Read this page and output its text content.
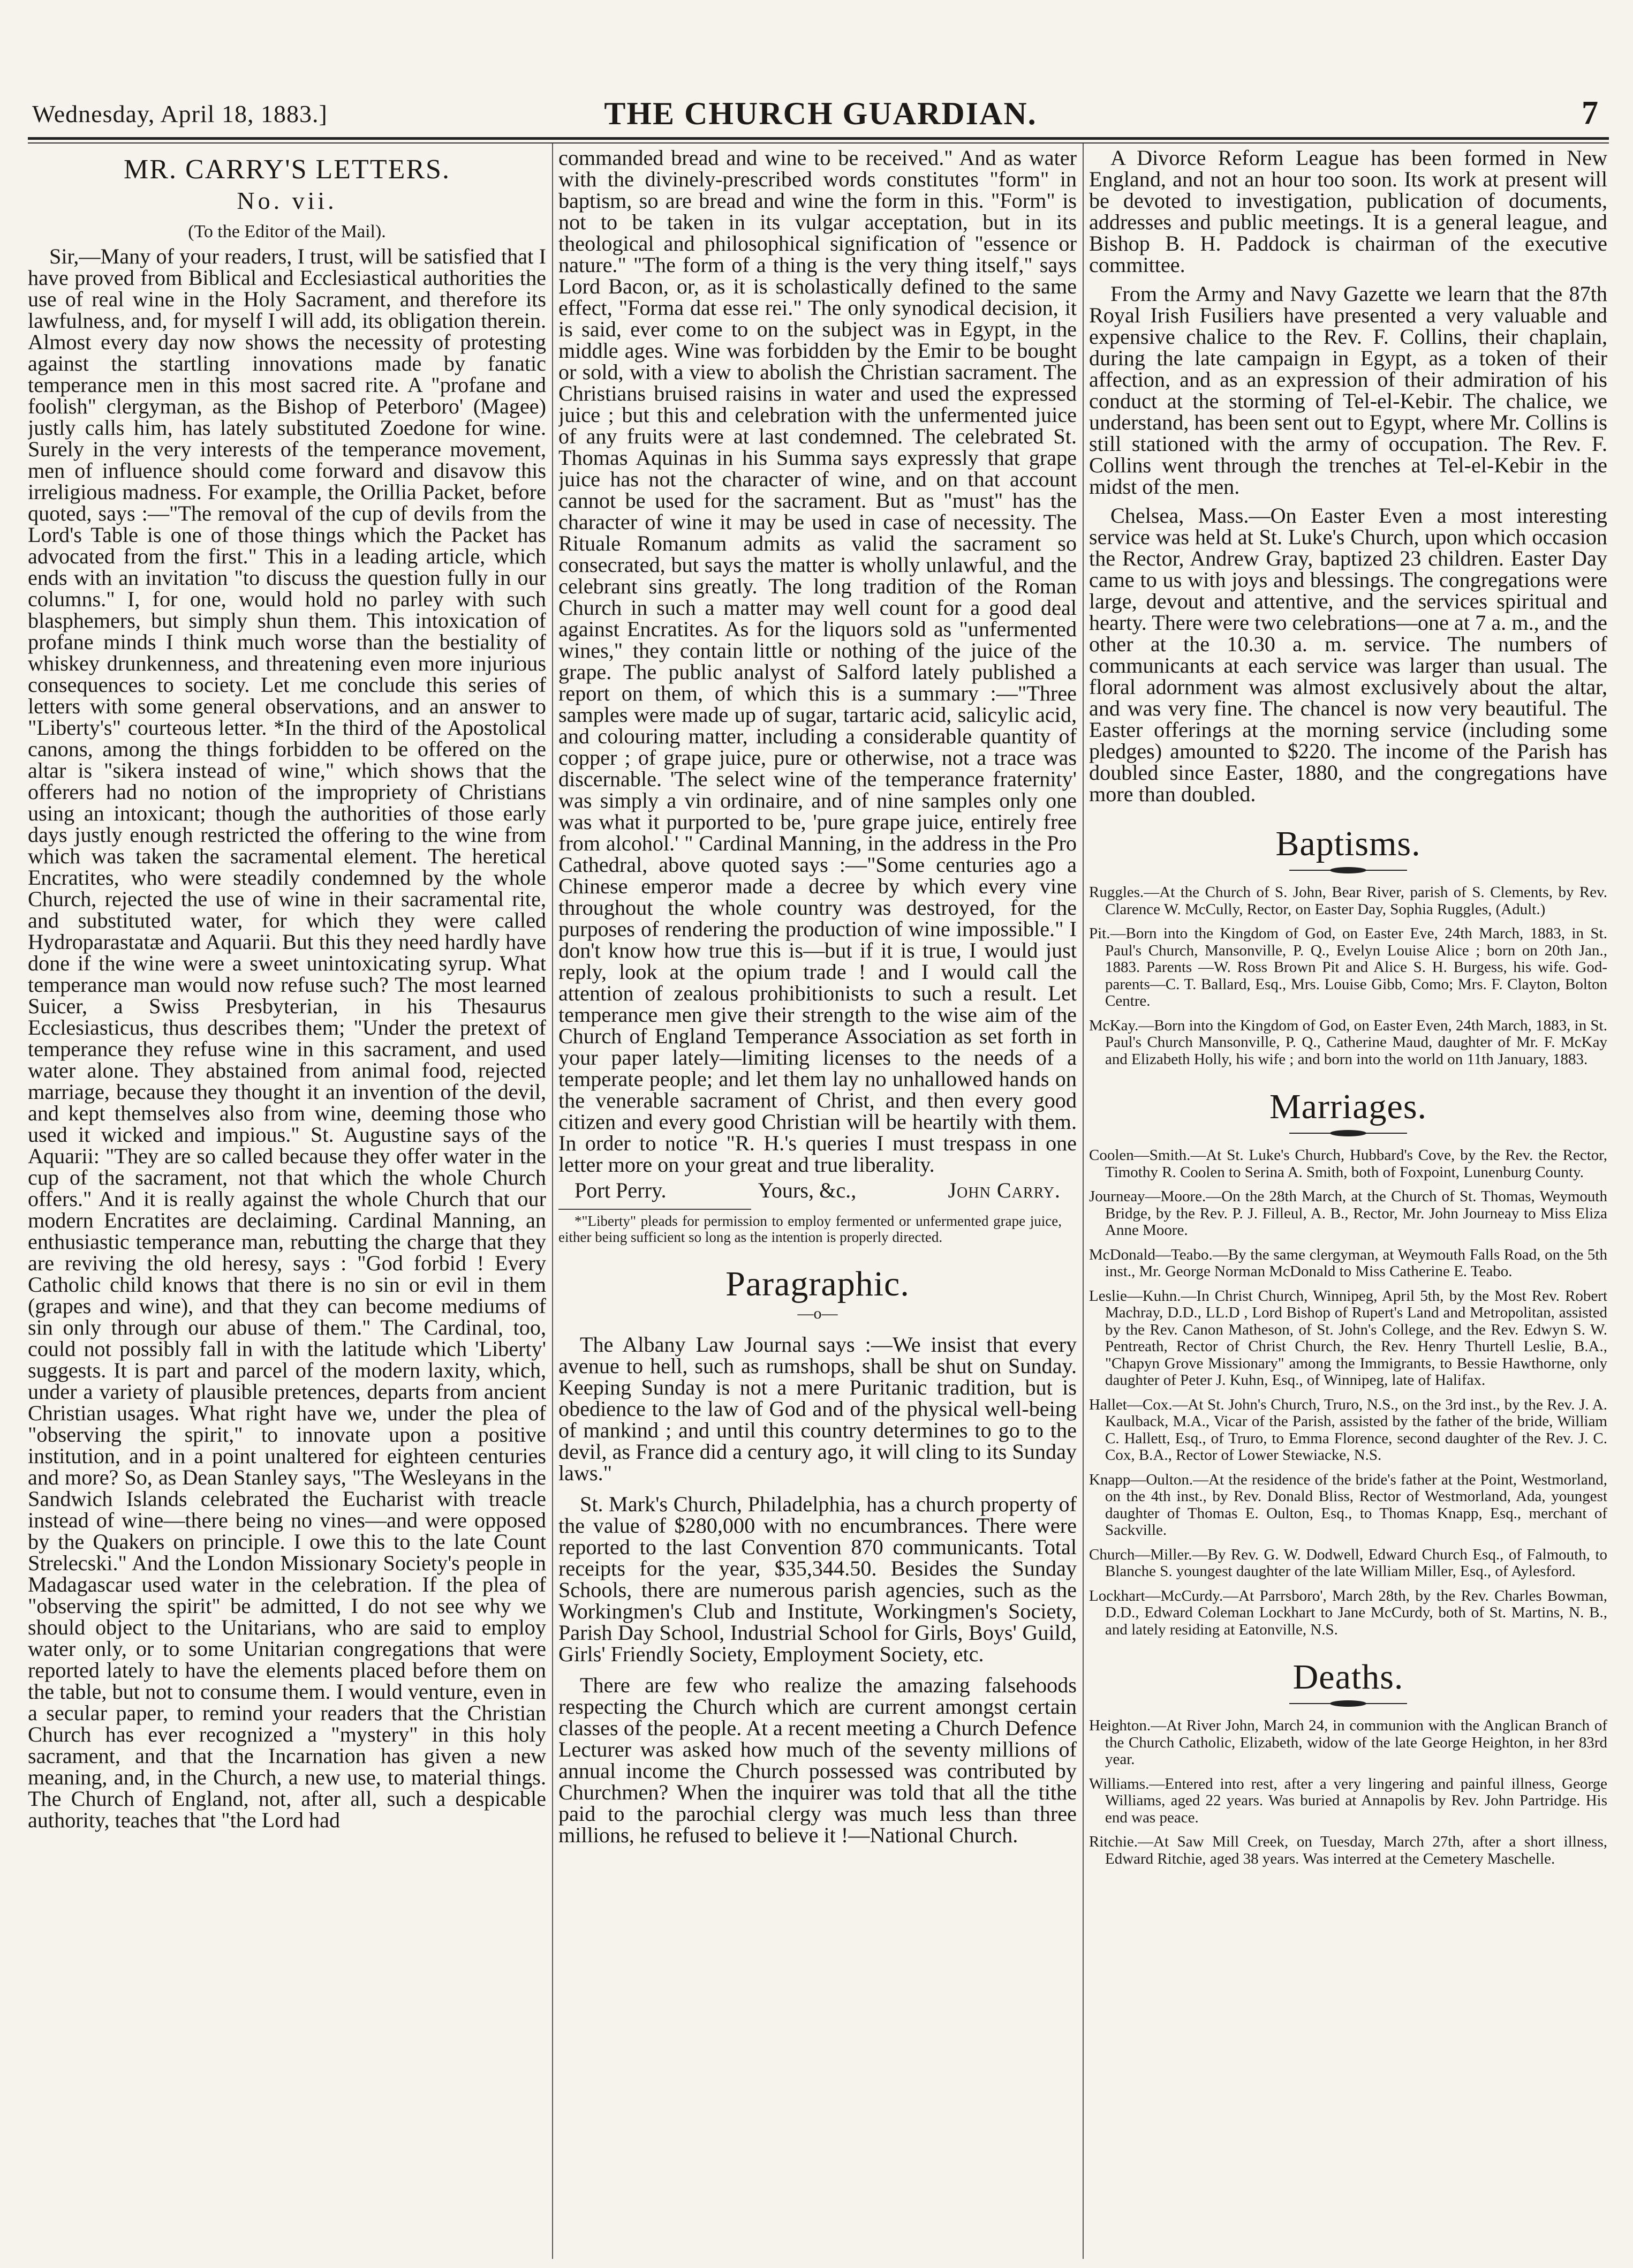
Wednesday, April 18, 1883.]	THE CHURCH GUARDIAN.	7
MR. CARRY'S LETTERS.
No. vii.
(To the Editor of the Mail).

Sir,—Many of your readers, I trust, will be satisfied that I have proved from Biblical and Ecclesiastical authorities the use of real wine in the Holy Sacrament, and therefore its lawfulness, and, for myself I will add, its obligation therein. Almost every day now shows the necessity of protesting against the startling innovations made by fanatic temperance men in this most sacred rite. A "profane and foolish" clergyman, as the Bishop of Peterboro' (Magee) justly calls him, has lately substituted Zoedone for wine. Surely in the very interests of the temperance movement, men of influence should come forward and disavow this irreligious madness. For example, the Orillia Packet, before quoted, says :—"The removal of the cup of devils from the Lord's Table is one of those things which the Packet has advocated from the first." This in a leading article, which ends with an invitation "to discuss the question fully in our columns." I, for one, would hold no parley with such blasphemers, but simply shun them. This intoxication of profane minds I think much worse than the bestiality of whiskey drunkenness, and threatening even more injurious consequences to society. Let me conclude this series of letters with some general observations, and an answer to "Liberty's" courteous letter. *In the third of the Apostolical canons, among the things forbidden to be offered on the altar is "sikera instead of wine," which shows that the offerers had no notion of the impropriety of Christians using an intoxicant; though the authorities of those early days justly enough restricted the offering to the wine from which was taken the sacramental element. The heretical Encratites, who were steadily condemned by the whole Church, rejected the use of wine in their sacramental rite, and substituted water, for which they were called Hydroparastatæ and Aquarii. But this they need hardly have done if the wine were a sweet unintoxicating syrup. What temperance man would now refuse such? The most learned Suicer, a Swiss Presbyterian, in his Thesaurus Ecclesiasticus, thus describes them; "Under the pretext of temperance they refuse wine in this sacrament, and used water alone. They abstained from animal food, rejected marriage, because they thought it an invention of the devil, and kept themselves also from wine, deeming those who used it wicked and impious." St. Augustine says of the Aquarii: "They are so called because they offer water in the cup of the sacrament, not that which the whole Church offers." And it is really against the whole Church that our modern Encratites are declaiming. Cardinal Manning, an enthusiastic temperance man, rebutting the charge that they are reviving the old heresy, says : "God forbid ! Every Catholic child knows that there is no sin or evil in them (grapes and wine), and that they can become mediums of sin only through our abuse of them." The Cardinal, too, could not possibly fall in with the latitude which 'Liberty' suggests. It is part and parcel of the modern laxity, which, under a variety of plausible pretences, departs from ancient Christian usages. What right have we, under the plea of "observing the spirit," to innovate upon a positive institution, and in a point unaltered for eighteen centuries and more? So, as Dean Stanley says, "The Wesleyans in the Sandwich Islands celebrated the Eucharist with treacle instead of wine—there being no vines—and were opposed by the Quakers on principle. I owe this to the late Count Strelecski." And the London Missionary Society's people in Madagascar used water in the celebration. If the plea of "observing the spirit" be admitted, I do not see why we should object to the Unitarians, who are said to employ water only, or to some Unitarian congregations that were reported lately to have the elements placed before them on the table, but not to consume them. I would venture, even in a secular paper, to remind your readers that the Christian Church has ever recognized a "mystery" in this holy sacrament, and that the Incarnation has given a new meaning, and, in the Church, a new use, to material things. The Church of England, not, after all, such a despicable authority, teaches that "the Lord had

commanded bread and wine to be received." And as water with the divinely-prescribed words constitutes "form" in baptism, so are bread and wine the form in this. "Form" is not to be taken in its vulgar acceptation, but in its theological and philosophical signification of "essence or nature." "The form of a thing is the very thing itself," says Lord Bacon, or, as it is scholastically defined to the same effect, "Forma dat esse rei." The only synodical decision, it is said, ever come to on the subject was in Egypt, in the middle ages. Wine was forbidden by the Emir to be bought or sold, with a view to abolish the Christian sacrament. The Christians bruised raisins in water and used the expressed juice ; but this and celebration with the unfermented juice of any fruits were at last condemned. The celebrated St. Thomas Aquinas in his Summa says expressly that grape juice has not the character of wine, and on that account cannot be used for the sacrament. But as "must" has the character of wine it may be used in case of necessity. The Rituale Romanum admits as valid the sacrament so consecrated, but says the matter is wholly unlawful, and the celebrant sins greatly. The long tradition of the Roman Church in such a matter may well count for a good deal against Encratites. As for the liquors sold as "unfermented wines," they contain little or nothing of the juice of the grape. The public analyst of Salford lately published a report on them, of which this is a summary :—"Three samples were made up of sugar, tartaric acid, salicylic acid, and colouring matter, including a considerable quantity of copper ; of grape juice, pure or otherwise, not a trace was discernable. 'The select wine of the temperance fraternity' was simply a vin ordinaire, and of nine samples only one was what it purported to be, 'pure grape juice, entirely free from alcohol.' " Cardinal Manning, in the address in the Pro Cathedral, above quoted says :—"Some centuries ago a Chinese emperor made a decree by which every vine throughout the whole country was destroyed, for the purposes of rendering the production of wine impossible." I don't know how true this is—but if it is true, I would just reply, look at the opium trade ! and I would call the attention of zealous prohibitionists to such a result. Let temperance men give their strength to the wise aim of the Church of England Temperance Association as set forth in your paper lately—limiting licenses to the needs of a temperate people; and let them lay no unhallowed hands on the venerable sacrament of Christ, and then every good citizen and every good Christian will be heartily with them. In order to notice "R. H.'s queries I must trespass in one letter more on your great and true liberality.

Port Perry.	Yours, &c.,	John Carry.

*"Liberty" pleads for permission to employ fermented or unfermented grape juice, either being sufficient so long as the intention is properly directed.

Paragraphic.
—o—

The Albany Law Journal says :—We insist that every avenue to hell, such as rumshops, shall be shut on Sunday. Keeping Sunday is not a mere Puritanic tradition, but is obedience to the law of God and of the physical well-being of mankind ; and until this country determines to go to the devil, as France did a century ago, it will cling to its Sunday laws."

St. Mark's Church, Philadelphia, has a church property of the value of $280,000 with no encumbrances. There were reported to the last Convention 870 communicants. Total receipts for the year, $35,344.50. Besides the Sunday Schools, there are numerous parish agencies, such as the Workingmen's Club and Institute, Workingmen's Society, Parish Day School, Industrial School for Girls, Boys' Guild, Girls' Friendly Society, Employment Society, etc.

There are few who realize the amazing falsehoods respecting the Church which are current amongst certain classes of the people. At a recent meeting a Church Defence Lecturer was asked how much of the seventy millions of annual income the Church possessed was contributed by Churchmen? When the inquirer was told that all the tithe paid to the parochial clergy was much less than three millions, he refused to believe it !—National Church.

A Divorce Reform League has been formed in New England, and not an hour too soon. Its work at present will be devoted to investigation, publication of documents, addresses and public meetings. It is a general league, and Bishop B. H. Paddock is chairman of the executive committee.

From the Army and Navy Gazette we learn that the 87th Royal Irish Fusiliers have presented a very valuable and expensive chalice to the Rev. F. Collins, their chaplain, during the late campaign in Egypt, as a token of their affection, and as an expression of their admiration of his conduct at the storming of Tel-el-Kebir. The chalice, we understand, has been sent out to Egypt, where Mr. Collins is still stationed with the army of occupation. The Rev. F. Collins went through the trenches at Tel-el-Kebir in the midst of the men.

Chelsea, Mass.—On Easter Even a most interesting service was held at St. Luke's Church, upon which occasion the Rector, Andrew Gray, baptized 23 children. Easter Day came to us with joys and blessings. The congregations were large, devout and attentive, and the services spiritual and hearty. There were two celebrations—one at 7 a. m., and the other at the 10.30 a. m. service. The numbers of communicants at each service was larger than usual. The floral adornment was almost exclusively about the altar, and was very fine. The chancel is now very beautiful. The Easter offerings at the morning service (including some pledges) amounted to $220. The income of the Parish has doubled since Easter, 1880, and the congregations have more than doubled.

Baptisms.
Ruggles.—At the Church of S. John, Bear River, parish of S. Clements, by Rev. Clarence W. McCully, Rector, on Easter Day, Sophia Ruggles, (Adult.)
Pit.—Born into the Kingdom of God, on Easter Eve, 24th March, 1883, in St. Paul's Church, Mansonville, P. Q., Evelyn Louise Alice ; born on 20th Jan., 1883. Parents —W. Ross Brown Pit and Alice S. H. Burgess, his wife. God-parents—C. T. Ballard, Esq., Mrs. Louise Gibb, Como; Mrs. F. Clayton, Bolton Centre.
McKay.—Born into the Kingdom of God, on Easter Even, 24th March, 1883, in St. Paul's Church Mansonville, P. Q., Catherine Maud, daughter of Mr. F. McKay and Elizabeth Holly, his wife ; and born into the world on 11th January, 1883.
Marriages.
Coolen—Smith.—At St. Luke's Church, Hubbard's Cove, by the Rev. the Rector, Timothy R. Coolen to Serina A. Smith, both of Foxpoint, Lunenburg County.
Journeay—Moore.—On the 28th March, at the Church of St. Thomas, Weymouth Bridge, by the Rev. P. J. Filleul, A. B., Rector, Mr. John Journeay to Miss Eliza Anne Moore.
McDonald—Teabo.—By the same clergyman, at Weymouth Falls Road, on the 5th inst., Mr. George Norman McDonald to Miss Catherine E. Teabo.
Leslie—Kuhn.—In Christ Church, Winnipeg, April 5th, by the Most Rev. Robert Machray, D.D., LL.D , Lord Bishop of Rupert's Land and Metropolitan, assisted by the Rev. Canon Matheson, of St. John's College, and the Rev. Edwyn S. W. Pentreath, Rector of Christ Church, the Rev. Henry Thurtell Leslie, B.A., "Chapyn Grove Missionary" among the Immigrants, to Bessie Hawthorne, only daughter of Peter J. Kuhn, Esq., of Winnipeg, late of Halifax.
Hallet—Cox.—At St. John's Church, Truro, N.S., on the 3rd inst., by the Rev. J. A. Kaulback, M.A., Vicar of the Parish, assisted by the father of the bride, William C. Hallett, Esq., of Truro, to Emma Florence, second daughter of the Rev. J. C. Cox, B.A., Rector of Lower Stewiacke, N.S.
Knapp—Oulton.—At the residence of the bride's father at the Point, Westmorland, on the 4th inst., by Rev. Donald Bliss, Rector of Westmorland, Ada, youngest daughter of Thomas E. Oulton, Esq., to Thomas Knapp, Esq., merchant of Sackville.
Church—Miller.—By Rev. G. W. Dodwell, Edward Church Esq., of Falmouth, to Blanche S. youngest daughter of the late William Miller, Esq., of Aylesford.
Lockhart—McCurdy.—At Parrsboro', March 28th, by the Rev. Charles Bowman, D.D., Edward Coleman Lockhart to Jane McCurdy, both of St. Martins, N. B., and lately residing at Eatonville, N.S.
Deaths.
Heighton.—At River John, March 24, in communion with the Anglican Branch of the Church Catholic, Elizabeth, widow of the late George Heighton, in her 83rd year.
Williams.—Entered into rest, after a very lingering and painful illness, George Williams, aged 22 years. Was buried at Annapolis by Rev. John Partridge. His end was peace.
Ritchie.—At Saw Mill Creek, on Tuesday, March 27th, after a short illness, Edward Ritchie, aged 38 years. Was interred at the Cemetery Maschelle.
